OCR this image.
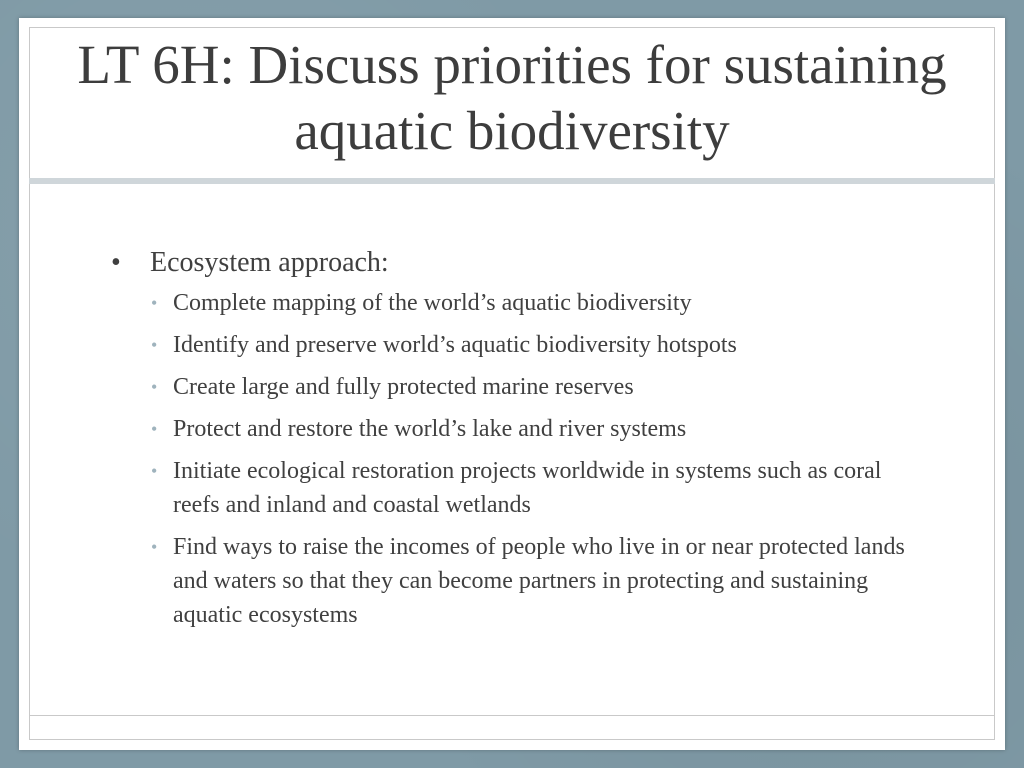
LT 6H: Discuss priorities for sustaining aquatic biodiversity
•	Ecosystem approach:
• Complete mapping of the world’s aquatic biodiversity
• Identify and preserve world’s aquatic biodiversity hotspots
• Create large and fully protected marine reserves
• Protect and restore the world’s lake and river systems
• Initiate ecological restoration projects worldwide in systems such as coral reefs and inland and coastal wetlands
• Find ways to raise the incomes of people who live in or near protected lands and waters so that they can become partners in protecting and sustaining aquatic ecosystems
